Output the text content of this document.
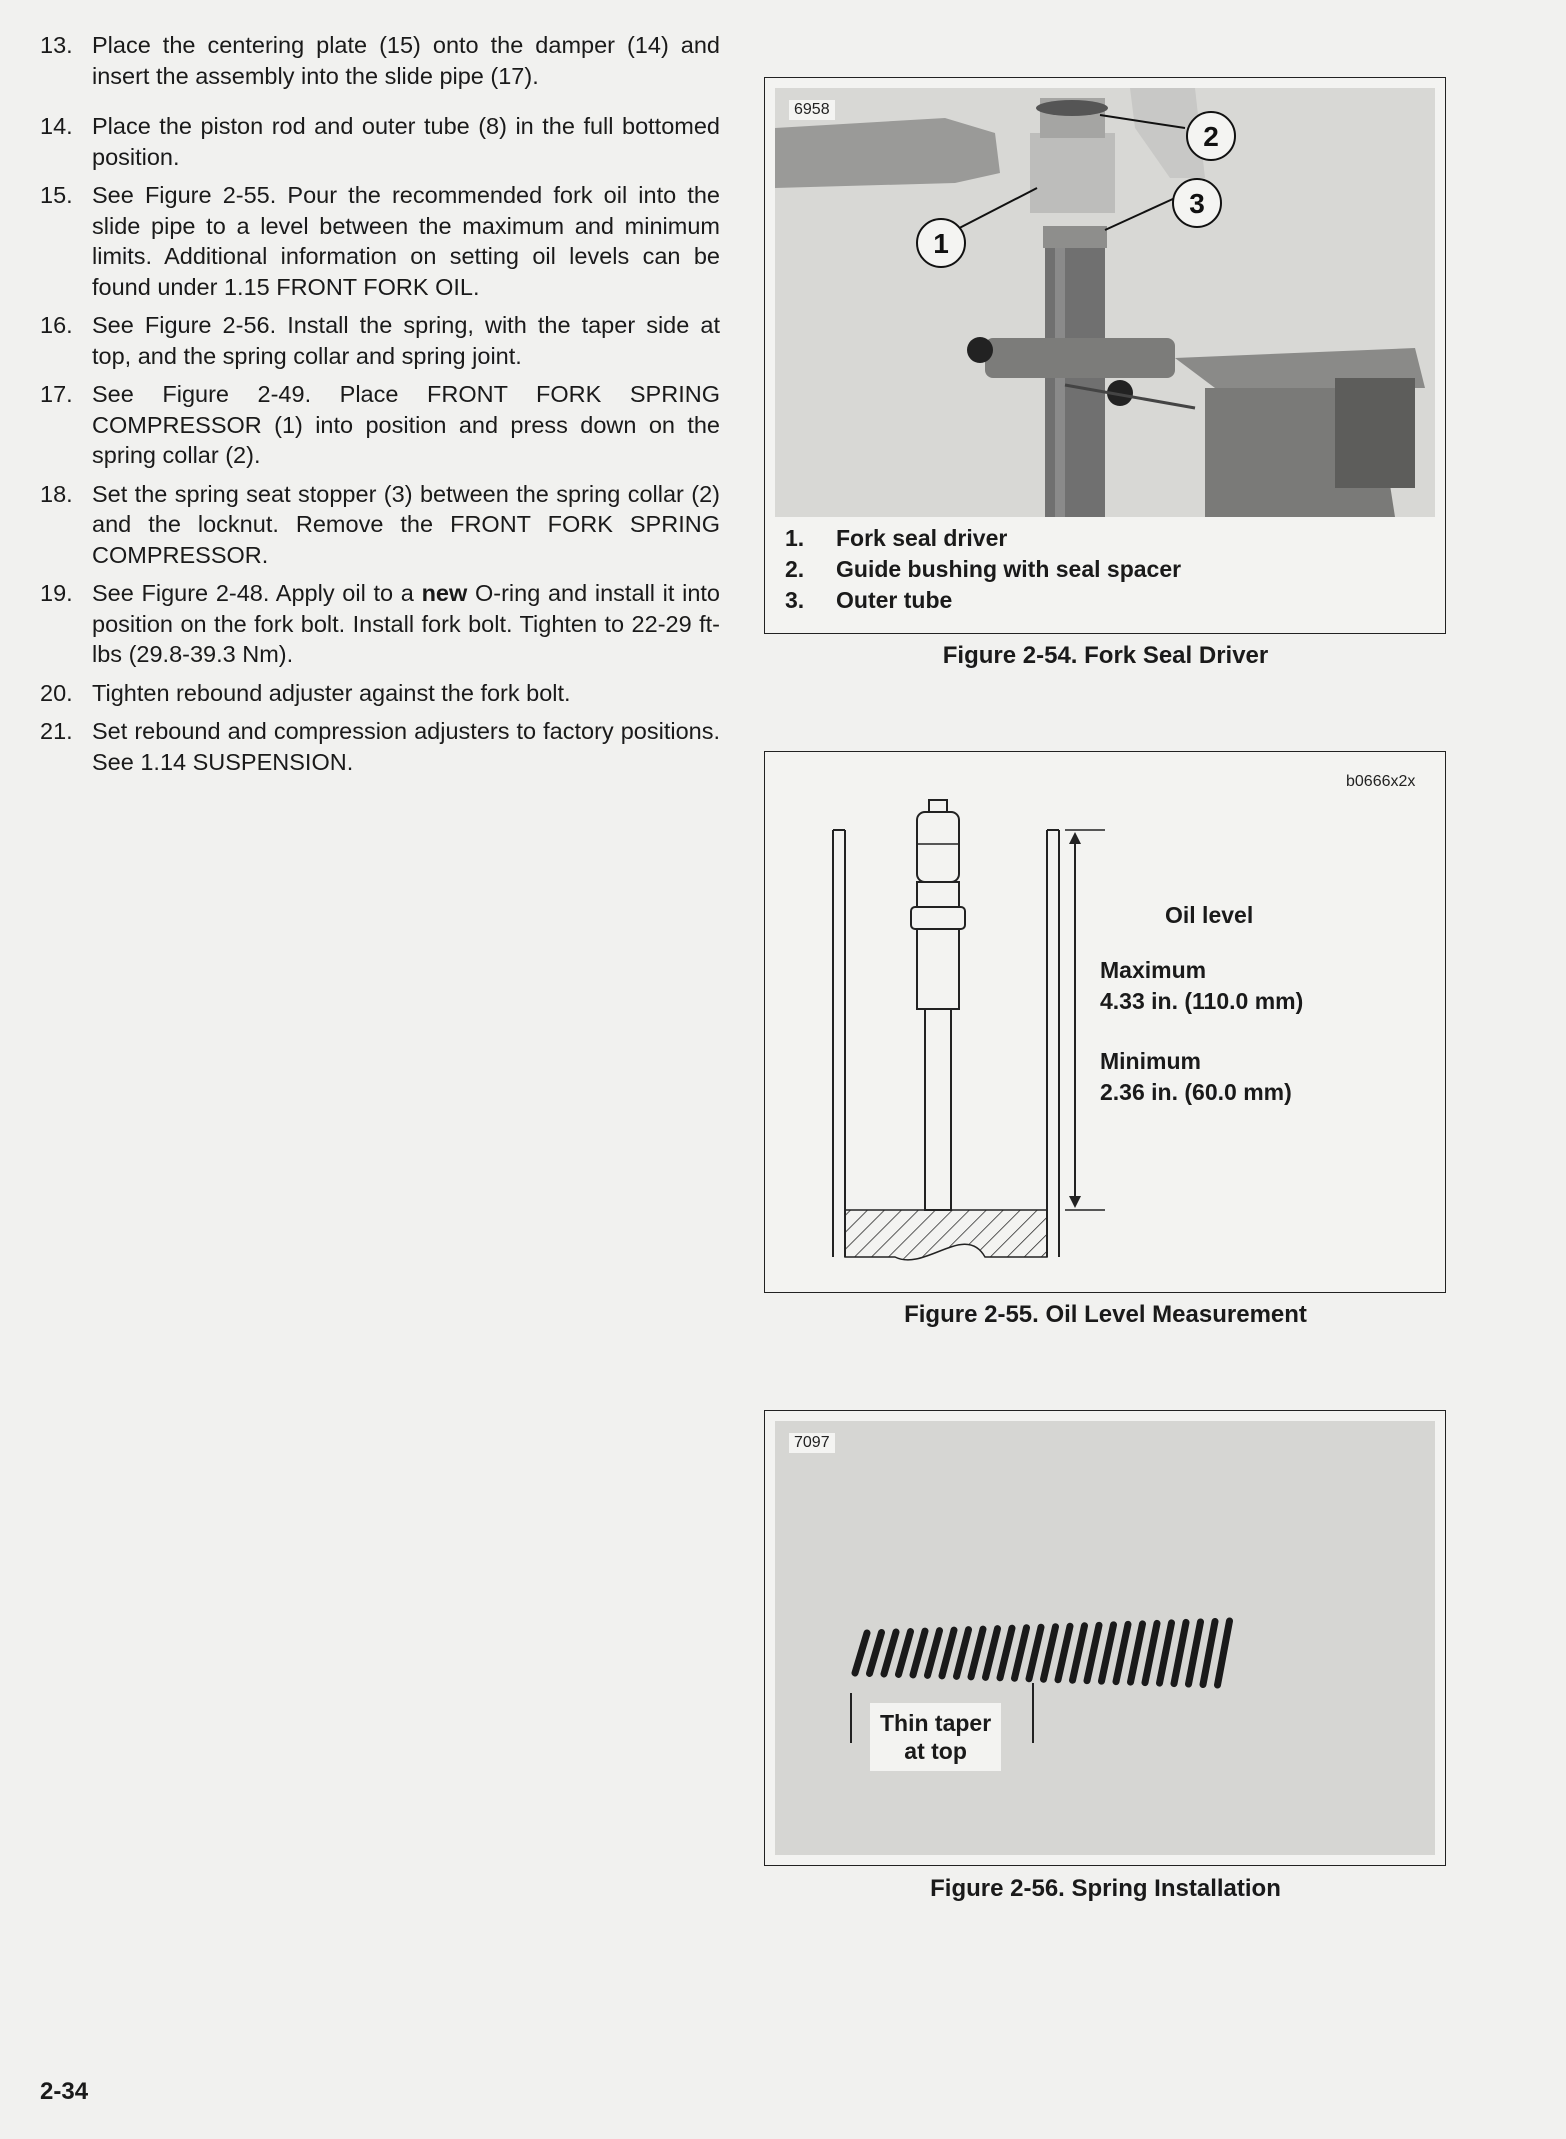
13. Place the centering plate (15) onto the damper (14) and insert the assembly into the slide pipe (17).
14. Place the piston rod and outer tube (8) in the full bottomed position.
15. See Figure 2-55. Pour the recommended fork oil into the slide pipe to a level between the maximum and minimum limits. Additional information on setting oil levels can be found under 1.15 FRONT FORK OIL.
16. See Figure 2-56. Install the spring, with the taper side at top, and the spring collar and spring joint.
17. See Figure 2-49. Place FRONT FORK SPRING COMPRESSOR (1) into position and press down on the spring collar (2).
18. Set the spring seat stopper (3) between the spring collar (2) and the locknut. Remove the FRONT FORK SPRING COMPRESSOR.
19. See Figure 2-48. Apply oil to a new O-ring and install it into position on the fork bolt. Install fork bolt. Tighten to 22-29 ft-lbs (29.8-39.3 Nm).
20. Tighten rebound adjuster against the fork bolt.
21. Set rebound and compression adjusters to factory positions. See 1.14 SUSPENSION.
1
2
3
6958
1.	Fork seal driver
2.	Guide bushing with seal spacer
3.	Outer tube
Figure 2-54. Fork Seal Driver
b0666x2x
Oil level
Maximum
4.33 in. (110.0 mm)
Minimum
2.36 in. (60.0 mm)
Figure 2-55. Oil Level Measurement
7097
Thin taper
at top
Figure 2-56. Spring Installation
2-34
